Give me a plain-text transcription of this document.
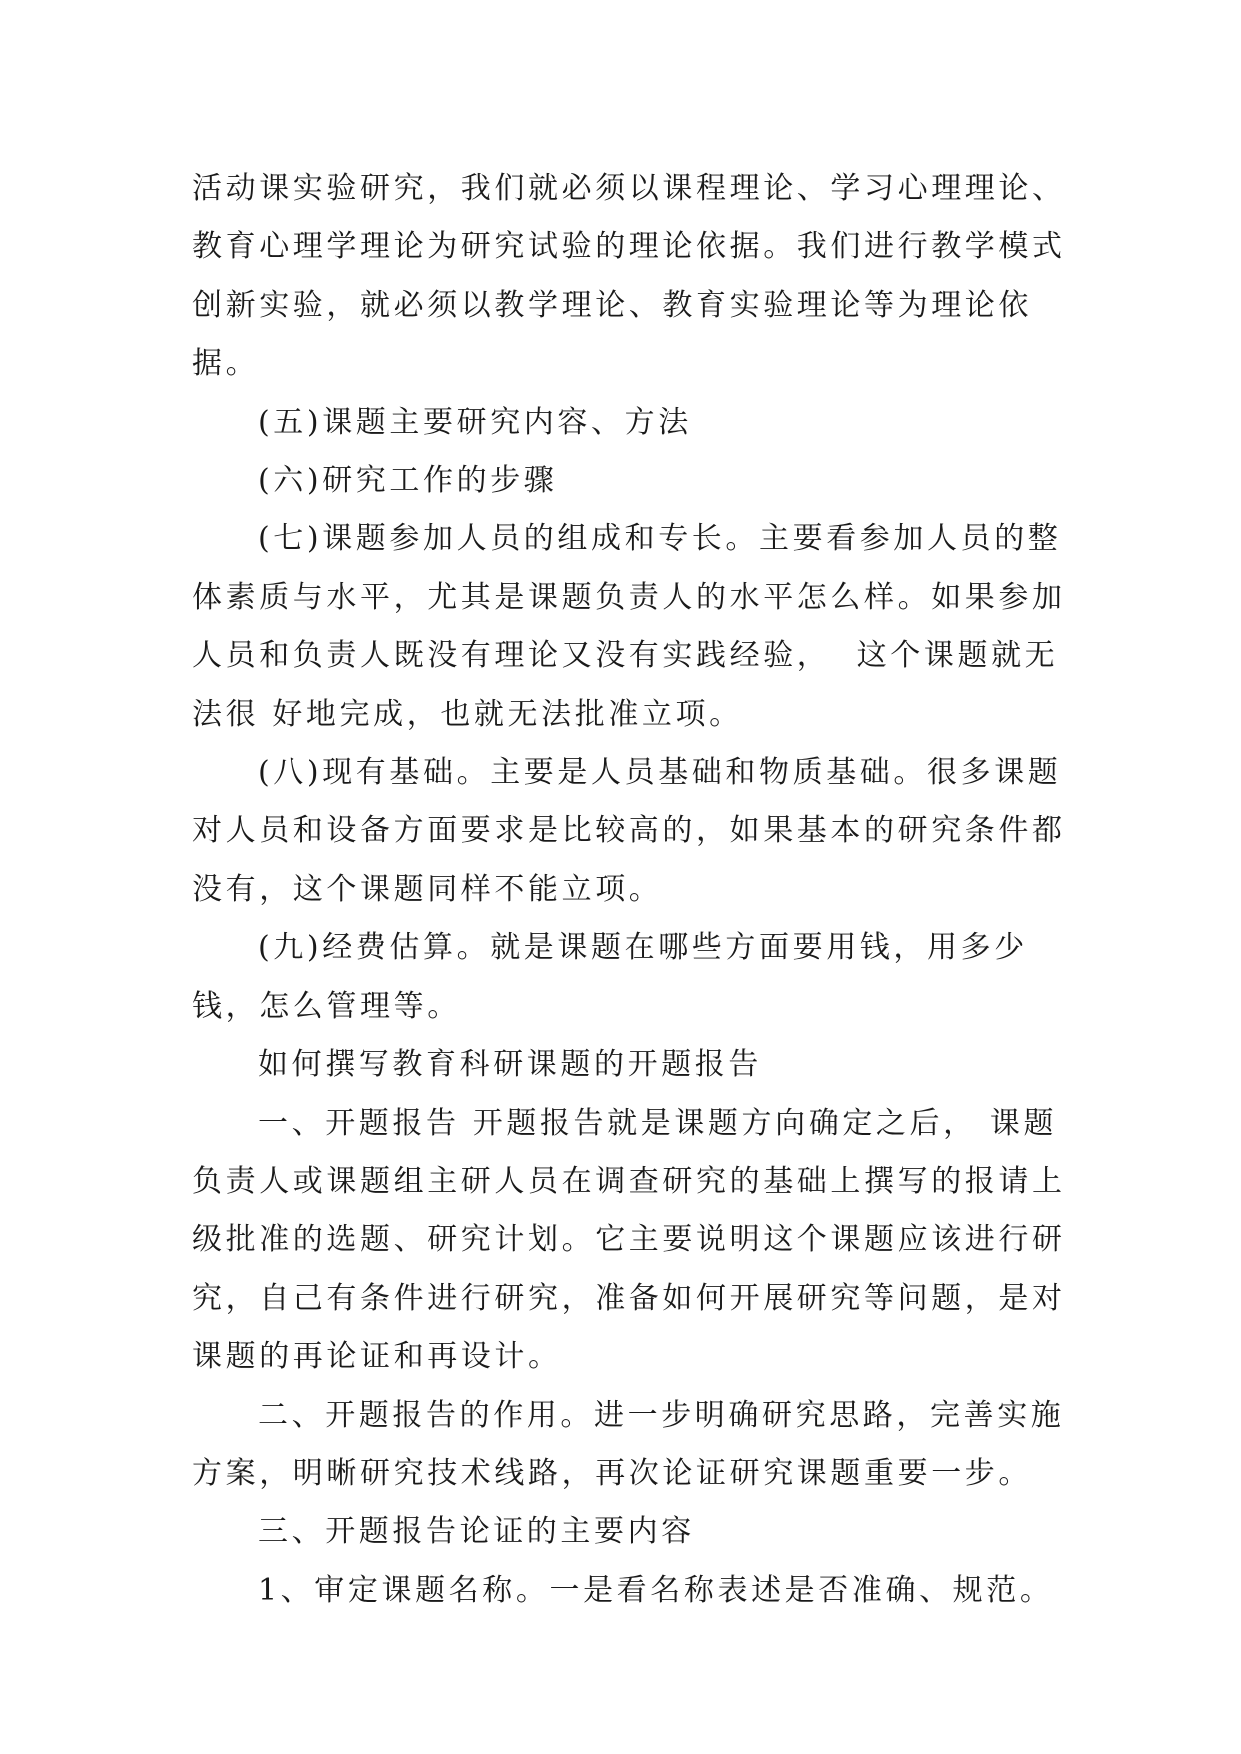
活动课实验研究，我们就必须以课程理论、学习心理理论、教育心理学理论为研究试验的理论依据。我们进行教学模式创新实验，就必须以教学理论、教育实验理论等为理论依据。

(五)课题主要研究内容、方法

(六)研究工作的步骤

(七)课题参加人员的组成和专长。主要看参加人员的整体素质与水平，尤其是课题负责人的水平怎么样。如果参加人员和负责人既没有理论又没有实践经验，  这个课题就无法很 好地完成，也就无法批准立项。

(八)现有基础。主要是人员基础和物质基础。很多课题对人员和设备方面要求是比较高的，如果基本的研究条件都没有，这个课题同样不能立项。

(九)经费估算。就是课题在哪些方面要用钱，用多少钱，怎么管理等。

如何撰写教育科研课题的开题报告

一、开题报告 开题报告就是课题方向确定之后， 课题负责人或课题组主研人员在调查研究的基础上撰写的报请上级批准的选题、研究计划。它主要说明这个课题应该进行研究，自己有条件进行研究，准备如何开展研究等问题，是对课题的再论证和再设计。

二、开题报告的作用。进一步明确研究思路，完善实施方案，明晰研究技术线路，再次论证研究课题重要一步。

三、开题报告论证的主要内容

1、审定课题名称。一是看名称表述是否准确、规范。
